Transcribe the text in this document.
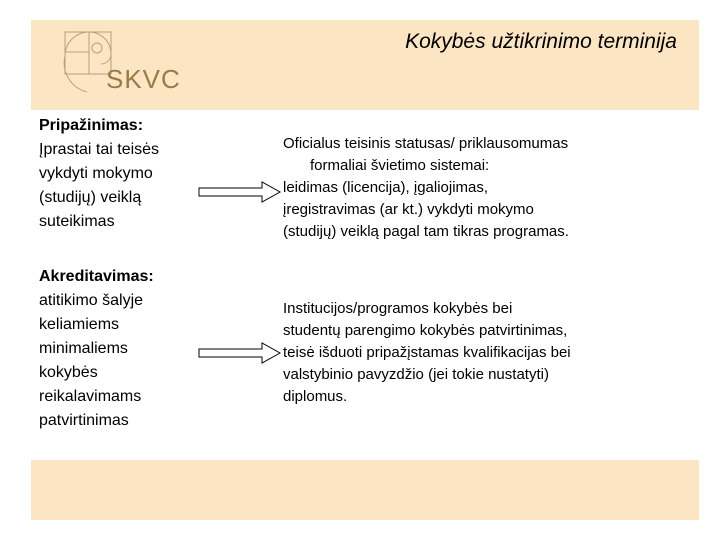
SKVC
Kokybės užtikrinimo terminija
Pripažinimas:
Įprastai tai teisės
vykdyti mokymo
(studijų) veiklą
suteikimas
Oficialus teisinis statusas/ priklausomumas

formaliai švietimo sistemai:
leidimas (licencija), įgaliojimas,
įregistravimas (ar kt.) vykdyti mokymo
(studijų) veiklą pagal tam tikras programas.
Akreditavimas:
atitikimo šalyje
keliamiems
minimaliems
kokybės
reikalavimams
patvirtinimas
Institucijos/programos kokybės bei
studentų parengimo kokybės patvirtinimas,
teisė išduoti pripažįstamas kvalifikacijas bei
valstybinio pavyzdžio (jei tokie nustatyti)
diplomus.
